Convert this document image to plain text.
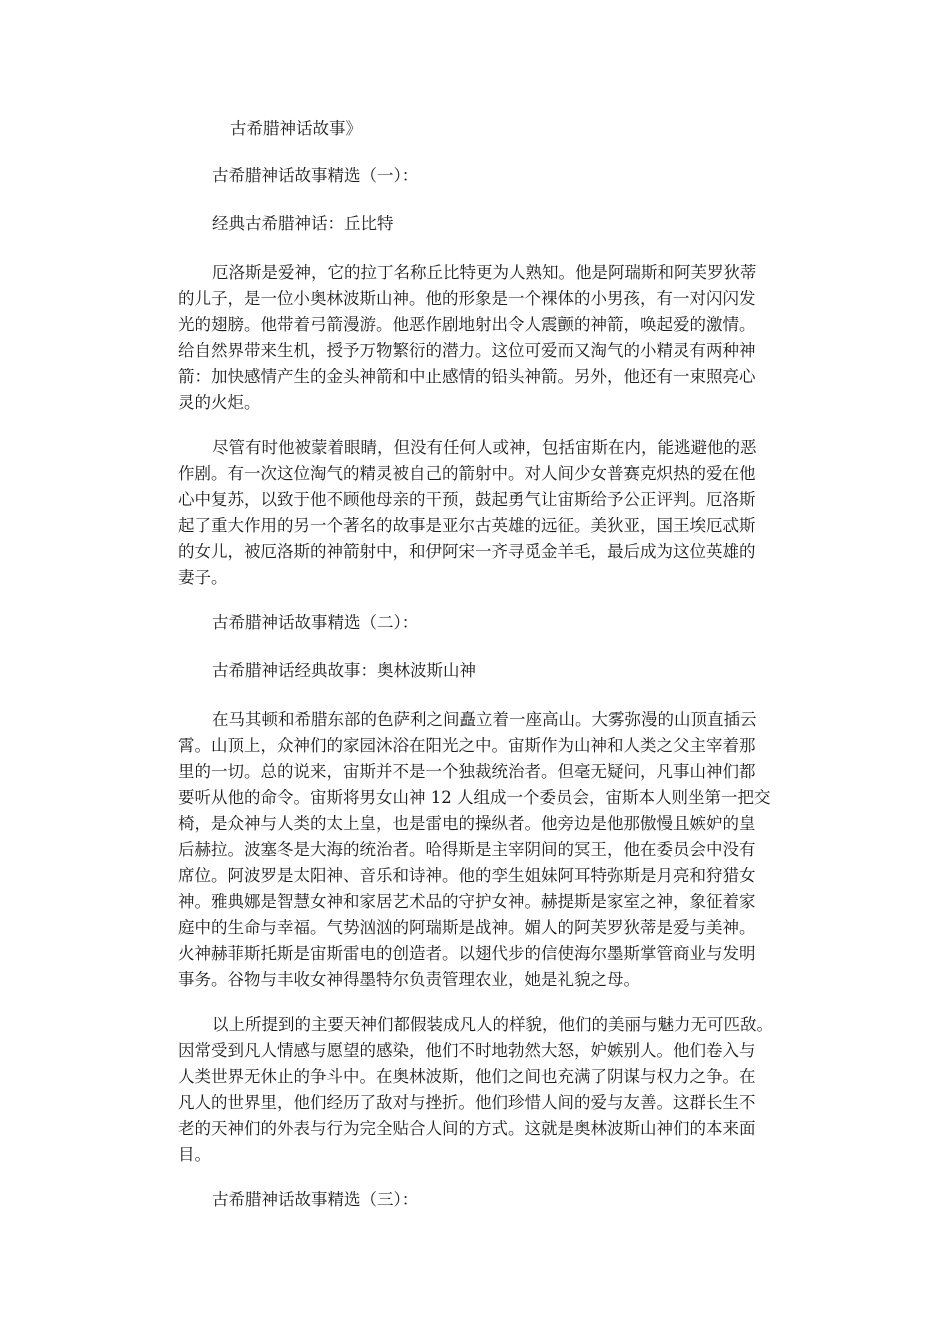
古希腊神话故事》

古希腊神话故事精选（一）：

经典古希腊神话：丘比特

厄洛斯是爱神，它的拉丁名称丘比特更为人熟知。他是阿瑞斯和阿芙罗狄蒂

的儿子，是一位小奥林波斯山神。他的形象是一个裸体的小男孩，有一对闪闪发

光的翅膀。他带着弓箭漫游。他恶作剧地射出令人震颤的神箭，唤起爱的激情。

给自然界带来生机，授予万物繁衍的潜力。这位可爱而又淘气的小精灵有两种神

箭：加快感情产生的金头神箭和中止感情的铅头神箭。另外，他还有一束照亮心

灵的火炬。

尽管有时他被蒙着眼睛，但没有任何人或神，包括宙斯在内，能逃避他的恶

作剧。有一次这位淘气的精灵被自己的箭射中。对人间少女普赛克炽热的爱在他

心中复苏，以致于他不顾他母亲的干预，鼓起勇气让宙斯给予公正评判。厄洛斯

起了重大作用的另一个著名的故事是亚尔古英雄的远征。美狄亚，国王埃厄忒斯

的女儿，被厄洛斯的神箭射中，和伊阿宋一齐寻觅金羊毛，最后成为这位英雄的

妻子。

古希腊神话故事精选（二）：

古希腊神话经典故事：奥林波斯山神

在马其顿和希腊东部的色萨利之间矗立着一座高山。大雾弥漫的山顶直插云

霄。山顶上，众神们的家园沐浴在阳光之中。宙斯作为山神和人类之父主宰着那

里的一切。总的说来，宙斯并不是一个独裁统治者。但毫无疑问，凡事山神们都

要听从他的命令。宙斯将男女山神 12 人组成一个委员会，宙斯本人则坐第一把交

椅，是众神与人类的太上皇，也是雷电的操纵者。他旁边是他那傲慢且嫉妒的皇

后赫拉。波塞冬是大海的统治者。哈得斯是主宰阴间的冥王，他在委员会中没有

席位。阿波罗是太阳神、音乐和诗神。他的孪生姐妹阿耳特弥斯是月亮和狩猎女

神。雅典娜是智慧女神和家居艺术品的守护女神。赫提斯是家室之神，象征着家

庭中的生命与幸福。气势汹汹的阿瑞斯是战神。媚人的阿芙罗狄蒂是爱与美神。

火神赫菲斯托斯是宙斯雷电的创造者。以翅代步的信使海尔墨斯掌管商业与发明

事务。谷物与丰收女神得墨特尔负责管理农业，她是礼貌之母。

以上所提到的主要天神们都假装成凡人的样貌，他们的美丽与魅力无可匹敌。

因常受到凡人情感与愿望的感染，他们不时地勃然大怒，妒嫉别人。他们卷入与

人类世界无休止的争斗中。在奥林波斯，他们之间也充满了阴谋与权力之争。在

凡人的世界里，他们经历了敌对与挫折。他们珍惜人间的爱与友善。这群长生不

老的天神们的外表与行为完全贴合人间的方式。这就是奥林波斯山神们的本来面

目。

古希腊神话故事精选（三）：
